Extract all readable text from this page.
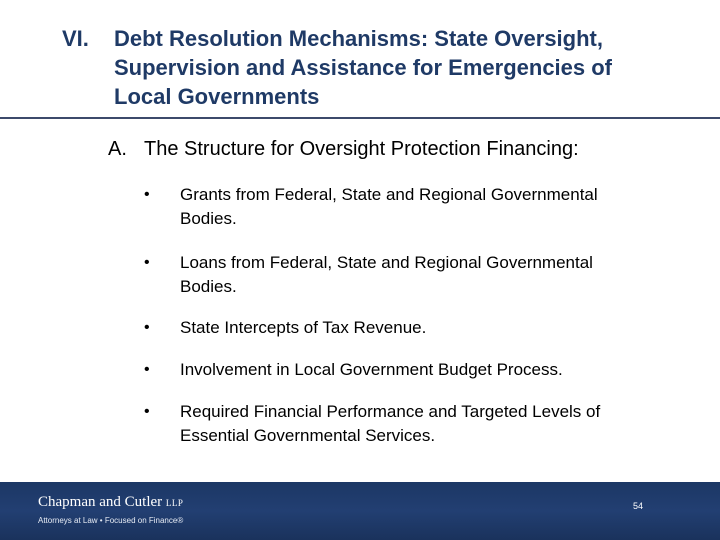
VI. Debt Resolution Mechanisms: State Oversight,
Supervision and Assistance for Emergencies of
Local Governments
A. The Structure for Oversight Protection Financing:
• Grants from Federal, State and Regional Governmental
Bodies.
• Loans from Federal, State and Regional Governmental
Bodies.
• State Intercepts of Tax Revenue.
• Involvement in Local Government Budget Process.
• Required Financial Performance and Targeted Levels of
Essential Governmental Services.
Chapman and Cutler LLP
Attorneys at Law • Focused on Finance®
54
